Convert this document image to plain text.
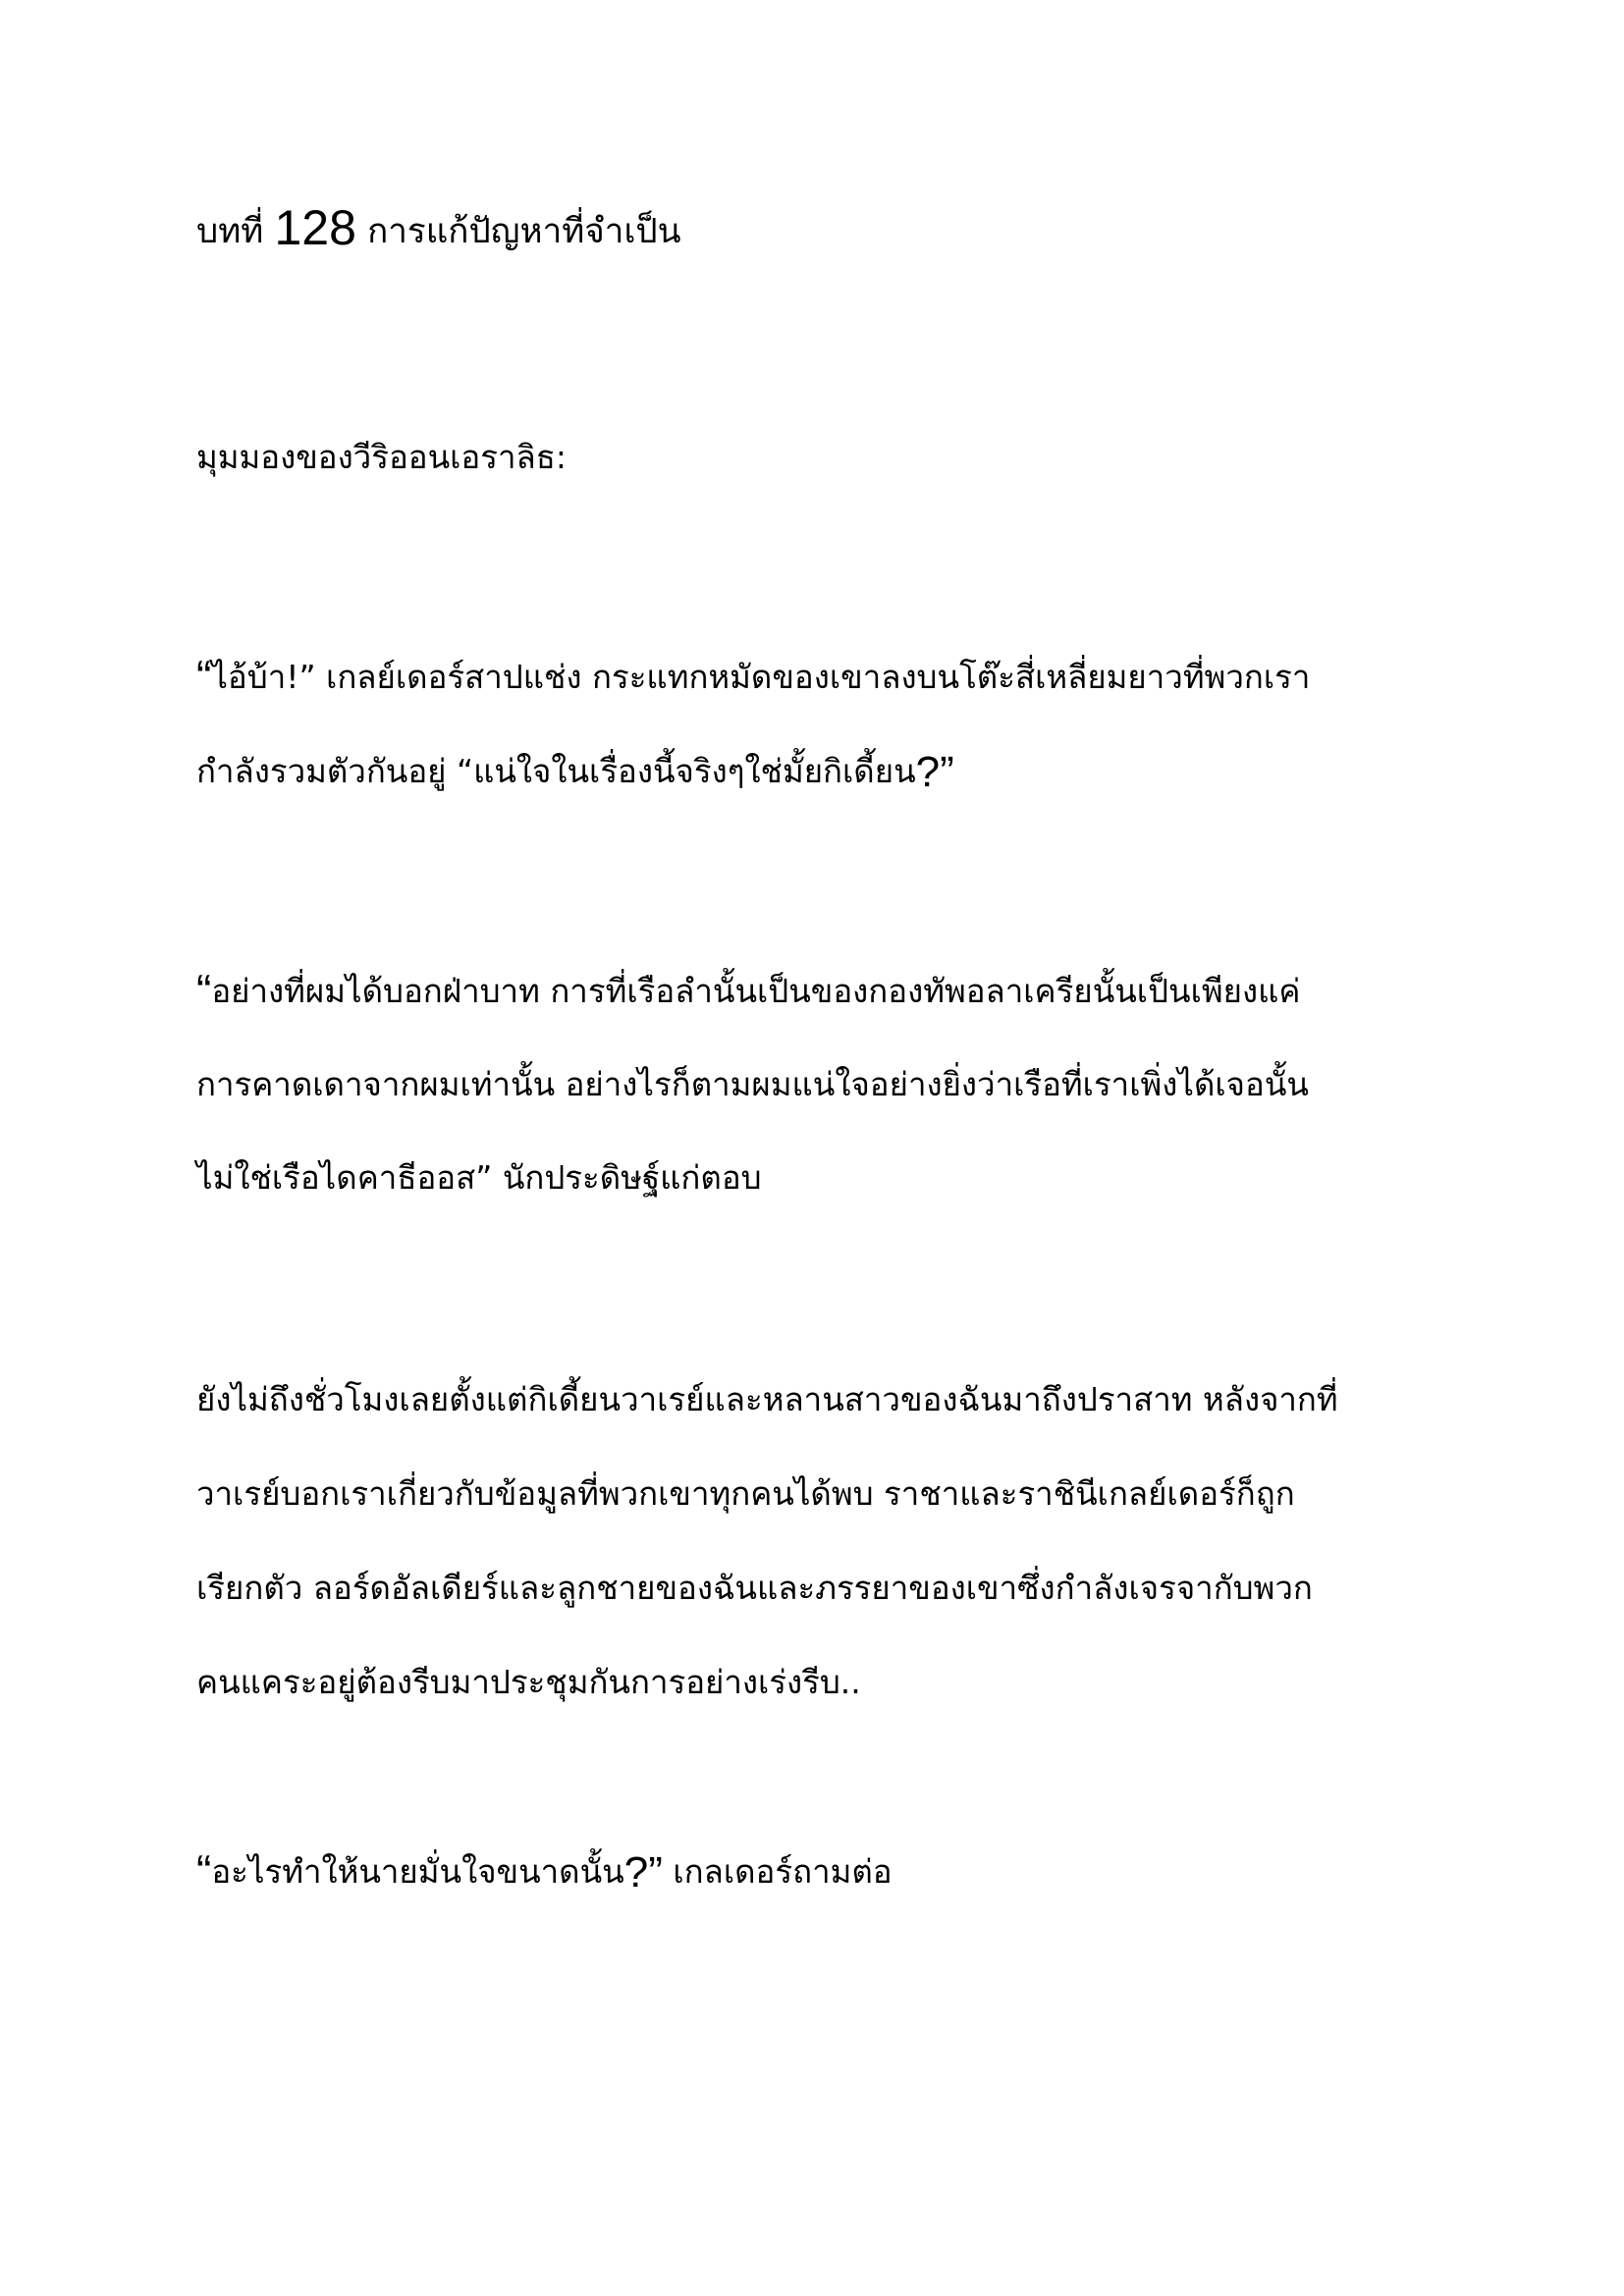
บทที่ 128 การแก้ปัญหาที่จำเป็น
มุมมองของวีริออนเอราลิธ:
“ไอ้บ้า!” เกลย์เดอร์สาปแช่ง กระแทกหมัดของเขาลงบนโต๊ะสี่เหลี่ยมยาวที่พวกเรา
กำลังรวมตัวกันอยู่ “แน่ใจในเรื่องนี้จริงๆใช่มั้ยกิเดี้ยน?”
“อย่างที่ผมได้บอกฝ่าบาท การที่เรือลำนั้นเป็นของกองทัพอลาเครียนั้นเป็นเพียงแค่
การคาดเดาจากผมเท่านั้น อย่างไรก็ตามผมแน่ใจอย่างยิ่งว่าเรือที่เราเพิ่งได้เจอนั้น
ไม่ใช่เรือไดคาธีออส” นักประดิษฐ์แก่ตอบ
ยังไม่ถึงชั่วโมงเลยตั้งแต่กิเดี้ยนวาเรย์และหลานสาวของฉันมาถึงปราสาท หลังจากที่
วาเรย์บอกเราเกี่ยวกับข้อมูลที่พวกเขาทุกคนได้พบ ราชาและราชินีเกลย์เดอร์ก็ถูก
เรียกตัว ลอร์ดอัลเดียร์และลูกชายของฉันและภรรยาของเขาซึ่งกำลังเจรจากับพวก
คนแคระอยู่ต้องรีบมาประชุมกันการอย่างเร่งรีบ..
“อะไรทำให้นายมั่นใจขนาดนั้น?” เกลเดอร์ถามต่อ
